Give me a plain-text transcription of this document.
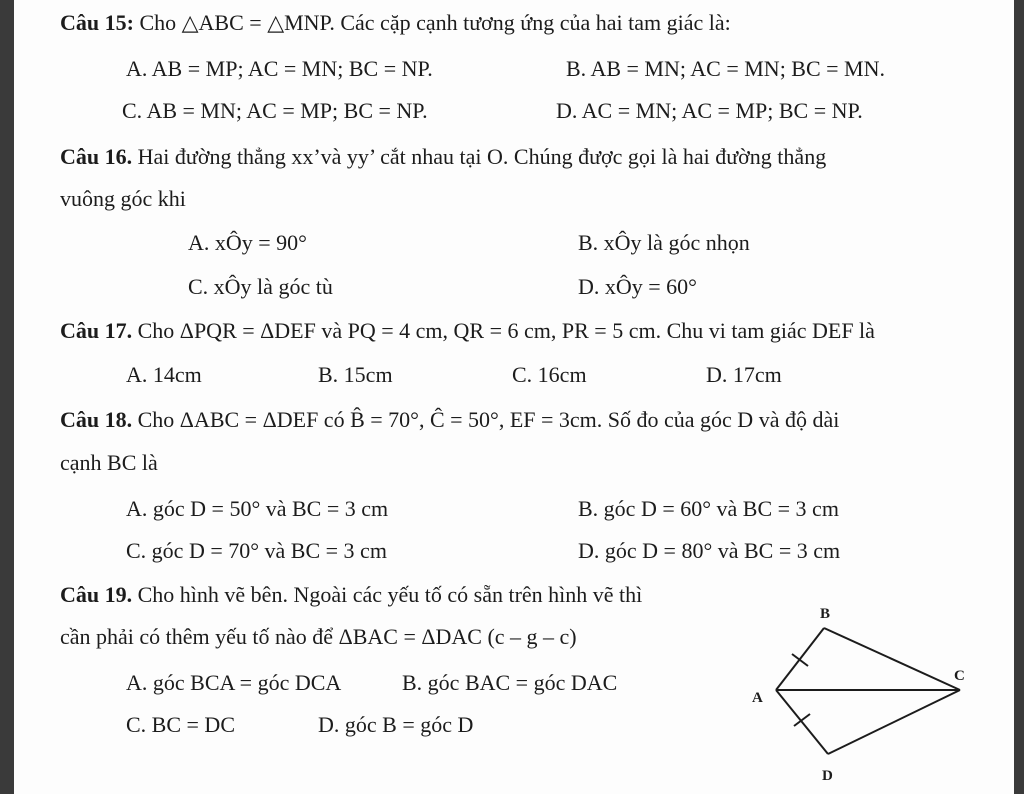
Câu 15: Cho △ABC = △MNP. Các cặp cạnh tương ứng của hai tam giác là:
A. AB = MP; AC = MN; BC = NP.	B. AB = MN; AC = MN; BC = MN.
C. AB = MN; AC = MP; BC = NP.	D. AC = MN; AC = MP; BC = NP.
Câu 16. Hai đường thẳng xx’và yy’ cắt nhau tại O. Chúng được gọi là hai đường thẳng
vuông góc khi
A. xÔy = 90°	B. xÔy là góc nhọn
C. xÔy là góc tù	D. xÔy = 60°
Câu 17. Cho ΔPQR = ΔDEF và PQ = 4 cm, QR = 6 cm, PR = 5 cm. Chu vi tam giác DEF là
A. 14cm	B. 15cm	C. 16cm	D. 17cm
Câu 18. Cho ΔABC = ΔDEF có B̂ = 70°, Ĉ = 50°, EF = 3cm. Số đo của góc D và độ dài
cạnh BC là
A. góc D = 50° và BC = 3 cm	B. góc D = 60° và BC = 3 cm
C. góc D = 70° và BC = 3 cm	D. góc D = 80° và BC = 3 cm
Câu 19. Cho hình vẽ bên. Ngoài các yếu tố có sẵn trên hình vẽ thì
cần phải có thêm yếu tố nào để ΔBAC = ΔDAC (c – g – c)
A. góc BCA = góc DCA	B. góc BAC = góc DAC
C. BC = DC	D. góc B = góc D
B
A
C
D
